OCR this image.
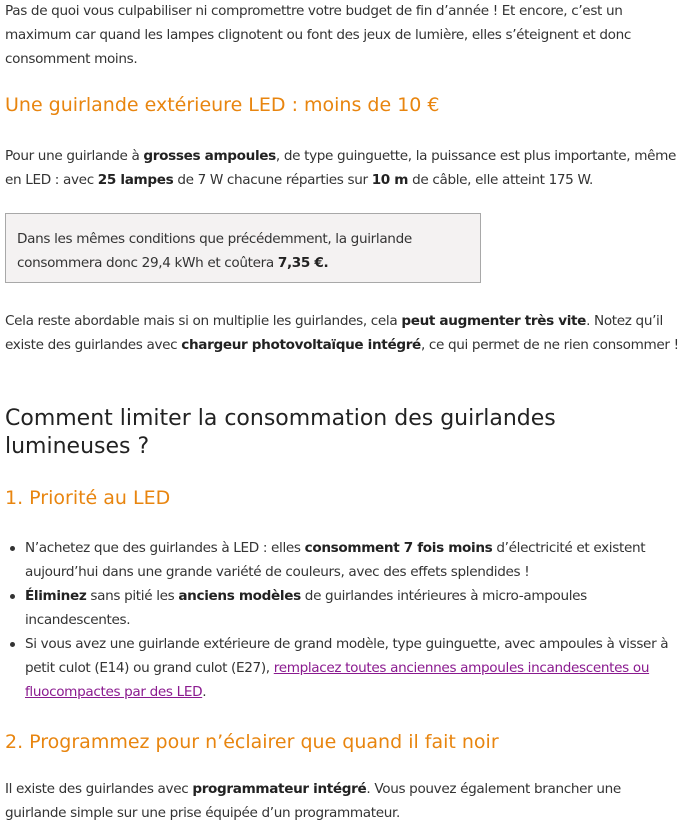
Pas de quoi vous culpabiliser ni compromettre votre budget de fin d’année ! Et encore, c’est un maximum car quand les lampes clignotent ou font des jeux de lumière, elles s’éteignent et donc consomment moins.

Une guirlande extérieure LED : moins de 10 €

Pour une guirlande à grosses ampoules, de type guinguette, la puissance est plus importante, même en LED : avec 25 lampes de 7 W chacune réparties sur 10 m de câble, elle atteint 175 W.

Dans les mêmes conditions que précédemment, la guirlande consommera donc 29,4 kWh et coûtera 7,35 €.

Cela reste abordable mais si on multiplie les guirlandes, cela peut augmenter très vite. Notez qu’il existe des guirlandes avec chargeur photovoltaïque intégré, ce qui permet de ne rien consommer !

Comment limiter la consommation des guirlandes lumineuses ?
1. Priorité au LED
N’achetez que des guirlandes à LED : elles consomment 7 fois moins d’électricité et existent aujourd’hui dans une grande variété de couleurs, avec des effets splendides !
Éliminez sans pitié les anciens modèles de guirlandes intérieures à micro-ampoules incandescentes.
Si vous avez une guirlande extérieure de grand modèle, type guinguette, avec ampoules à visser à petit culot (E14) ou grand culot (E27), remplacez toutes anciennes ampoules incandescentes ou fluocompactes par des LED.
2. Programmez pour n’éclairer que quand il fait noir

Il existe des guirlandes avec programmateur intégré. Vous pouvez également brancher une guirlande simple sur une prise équipée d’un programmateur.
